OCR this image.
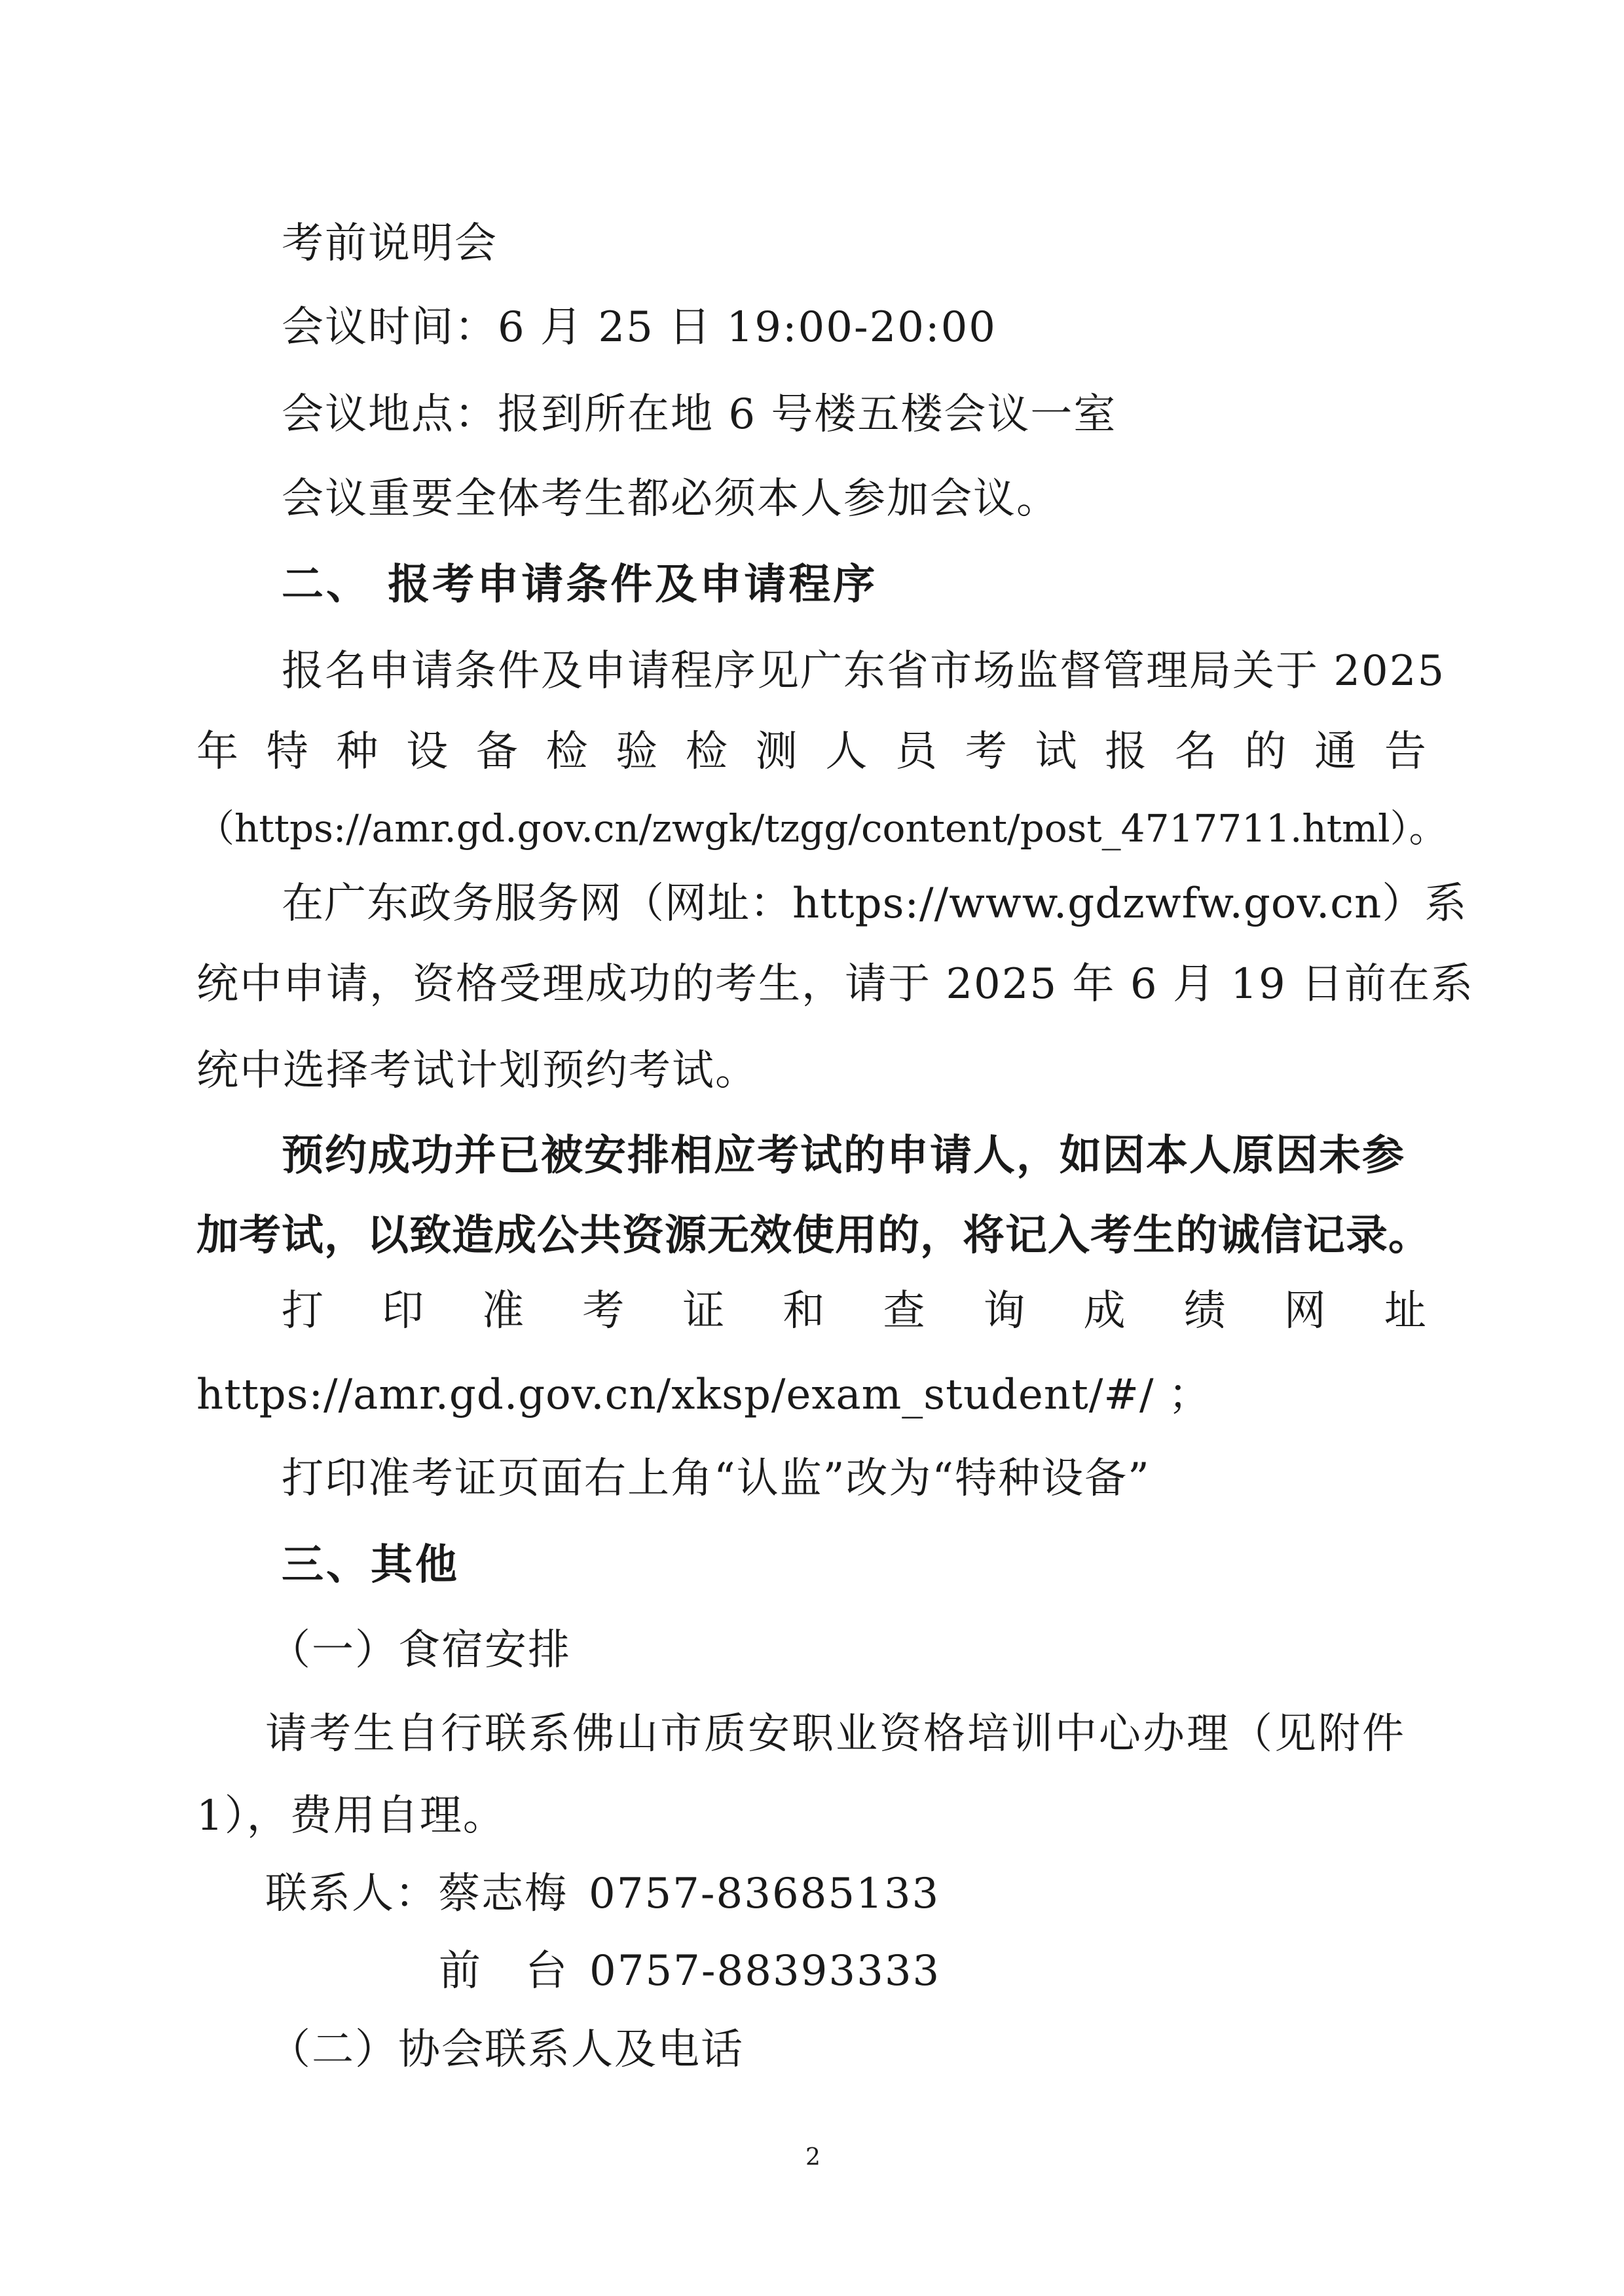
考前说明会
会议时间：6 月 25 日 19:00-20:00
会议地点：报到所在地 6 号楼五楼会议一室
会议重要全体考生都必须本人参加会议。
二、 报考申请条件及申请程序
报名申请条件及申请程序见广东省市场监督管理局关于 2025
年 特 种 设 备 检 验 检 测 人 员 考 试 报 名 的 通 告
（https://amr.gd.gov.cn/zwgk/tzgg/content/post_4717711.html）。
在广东政务服务网（网址：https://www.gdzwfw.gov.cn）系
统中申请，资格受理成功的考生，请于 2025 年 6 月 19 日前在系
统中选择考试计划预约考试。
预约成功并已被安排相应考试的申请人，如因本人原因未参
加考试，以致造成公共资源无效使用的，将记入考生的诚信记录。
打 印 准 考 证 和 查 询 成 绩 网 址
https://amr.gd.gov.cn/xksp/exam_student/#/ ；
打印准考证页面右上角“认监”改为“特种设备”
三、其他
（一）食宿安排
请考生自行联系佛山市质安职业资格培训中心办理（见附件
1），费用自理。
联系人：蔡志梅 0757-83685133
前　台 0757-88393333
（二）协会联系人及电话
2
